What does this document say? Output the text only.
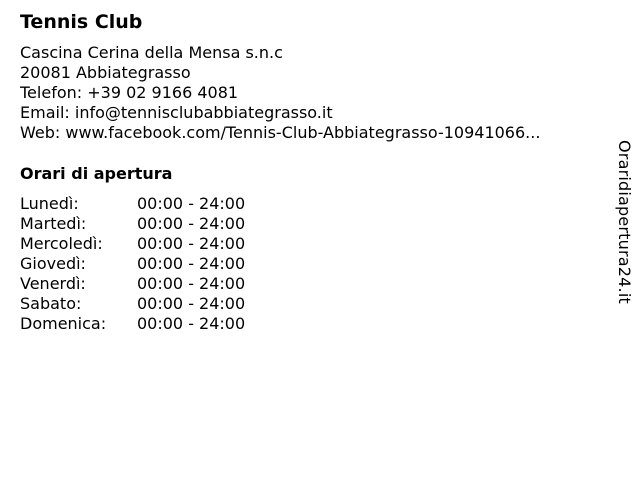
Tennis Club
Cascina Cerina della Mensa s.n.c
20081 Abbiategrasso
Telefon: +39 02 9166 4081
Email: info@tennisclubabbiategrasso.it
Web: www.facebook.com/Tennis-Club-Abbiategrasso-10941066...
Orari di apertura
Lunedì:	00:00 - 24:00
Martedì:	00:00 - 24:00
Mercoledì:	00:00 - 24:00
Giovedì:	00:00 - 24:00
Venerdì:	00:00 - 24:00
Sabato:	00:00 - 24:00
Domenica:	00:00 - 24:00
Oraridiapertura24.it
